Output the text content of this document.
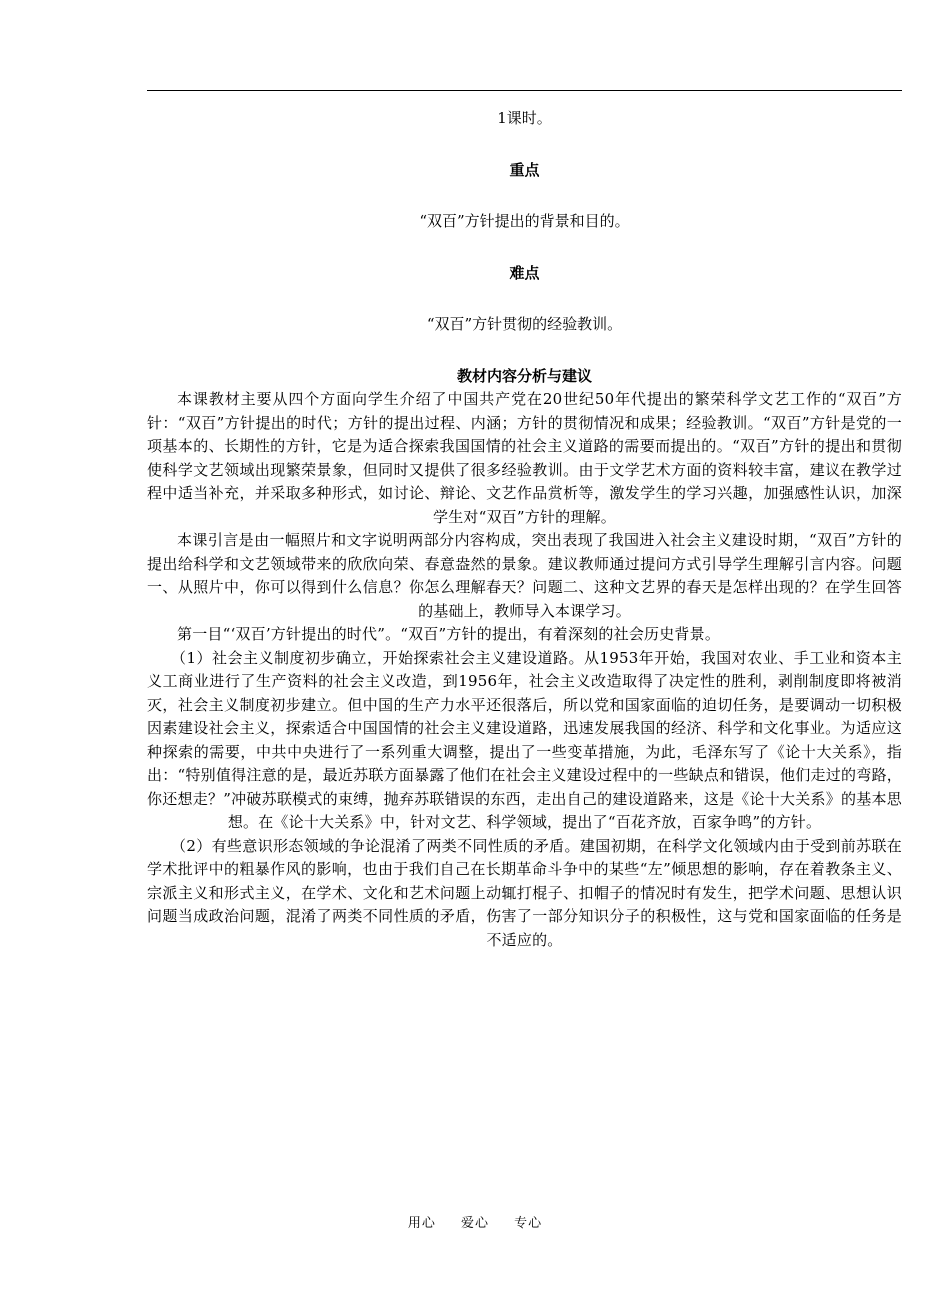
1课时。

重点

“双百”方针提出的背景和目的。

难点

“双百”方针贯彻的经验教训。

教材内容分析与建议

本课教材主要从四个方面向学生介绍了中国共产党在20世纪50年代提出的繁荣科学文艺工作的“双百”方针：“双百”方针提出的时代；方针的提出过程、内涵；方针的贯彻情况和成果；经验教训。“双百”方针是党的一项基本的、长期性的方针，它是为适合探索我国国情的社会主义道路的需要而提出的。“双百”方针的提出和贯彻使科学文艺领域出现繁荣景象，但同时又提供了很多经验教训。由于文学艺术方面的资料较丰富，建议在教学过程中适当补充，并采取多种形式，如讨论、辩论、文艺作品赏析等，激发学生的学习兴趣，加强感性认识，加深学生对“双百”方针的理解。

本课引言是由一幅照片和文字说明两部分内容构成，突出表现了我国进入社会主义建设时期，“双百”方针的提出给科学和文艺领域带来的欣欣向荣、春意盎然的景象。建议教师通过提问方式引导学生理解引言内容。问题一、从照片中，你可以得到什么信息？你怎么理解春天？问题二、这种文艺界的春天是怎样出现的？在学生回答的基础上，教师导入本课学习。

第一目“‘双百’方针提出的时代”。“双百”方针的提出，有着深刻的社会历史背景。

（1）社会主义制度初步确立，开始探索社会主义建设道路。从1953年开始，我国对农业、手工业和资本主义工商业进行了生产资料的社会主义改造，到1956年，社会主义改造取得了决定性的胜利，剥削制度即将被消灭，社会主义制度初步建立。但中国的生产力水平还很落后，所以党和国家面临的迫切任务，是要调动一切积极因素建设社会主义，探索适合中国国情的社会主义建设道路，迅速发展我国的经济、科学和文化事业。为适应这种探索的需要，中共中央进行了一系列重大调整，提出了一些变革措施，为此，毛泽东写了《论十大关系》，指出：“特别值得注意的是，最近苏联方面暴露了他们在社会主义建设过程中的一些缺点和错误，他们走过的弯路，你还想走？”冲破苏联模式的束缚，抛弃苏联错误的东西，走出自己的建设道路来，这是《论十大关系》的基本思想。在《论十大关系》中，针对文艺、科学领域，提出了“百花齐放，百家争鸣”的方针。

（2）有些意识形态领域的争论混淆了两类不同性质的矛盾。建国初期，在科学文化领域内由于受到前苏联在学术批评中的粗暴作风的影响，也由于我们自己在长期革命斗争中的某些“左”倾思想的影响，存在着教条主义、宗派主义和形式主义，在学术、文化和艺术问题上动辄打棍子、扣帽子的情况时有发生，把学术问题、思想认识问题当成政治问题，混淆了两类不同性质的矛盾，伤害了一部分知识分子的积极性，这与党和国家面临的任务是不适应的。

用心 爱心 专心
